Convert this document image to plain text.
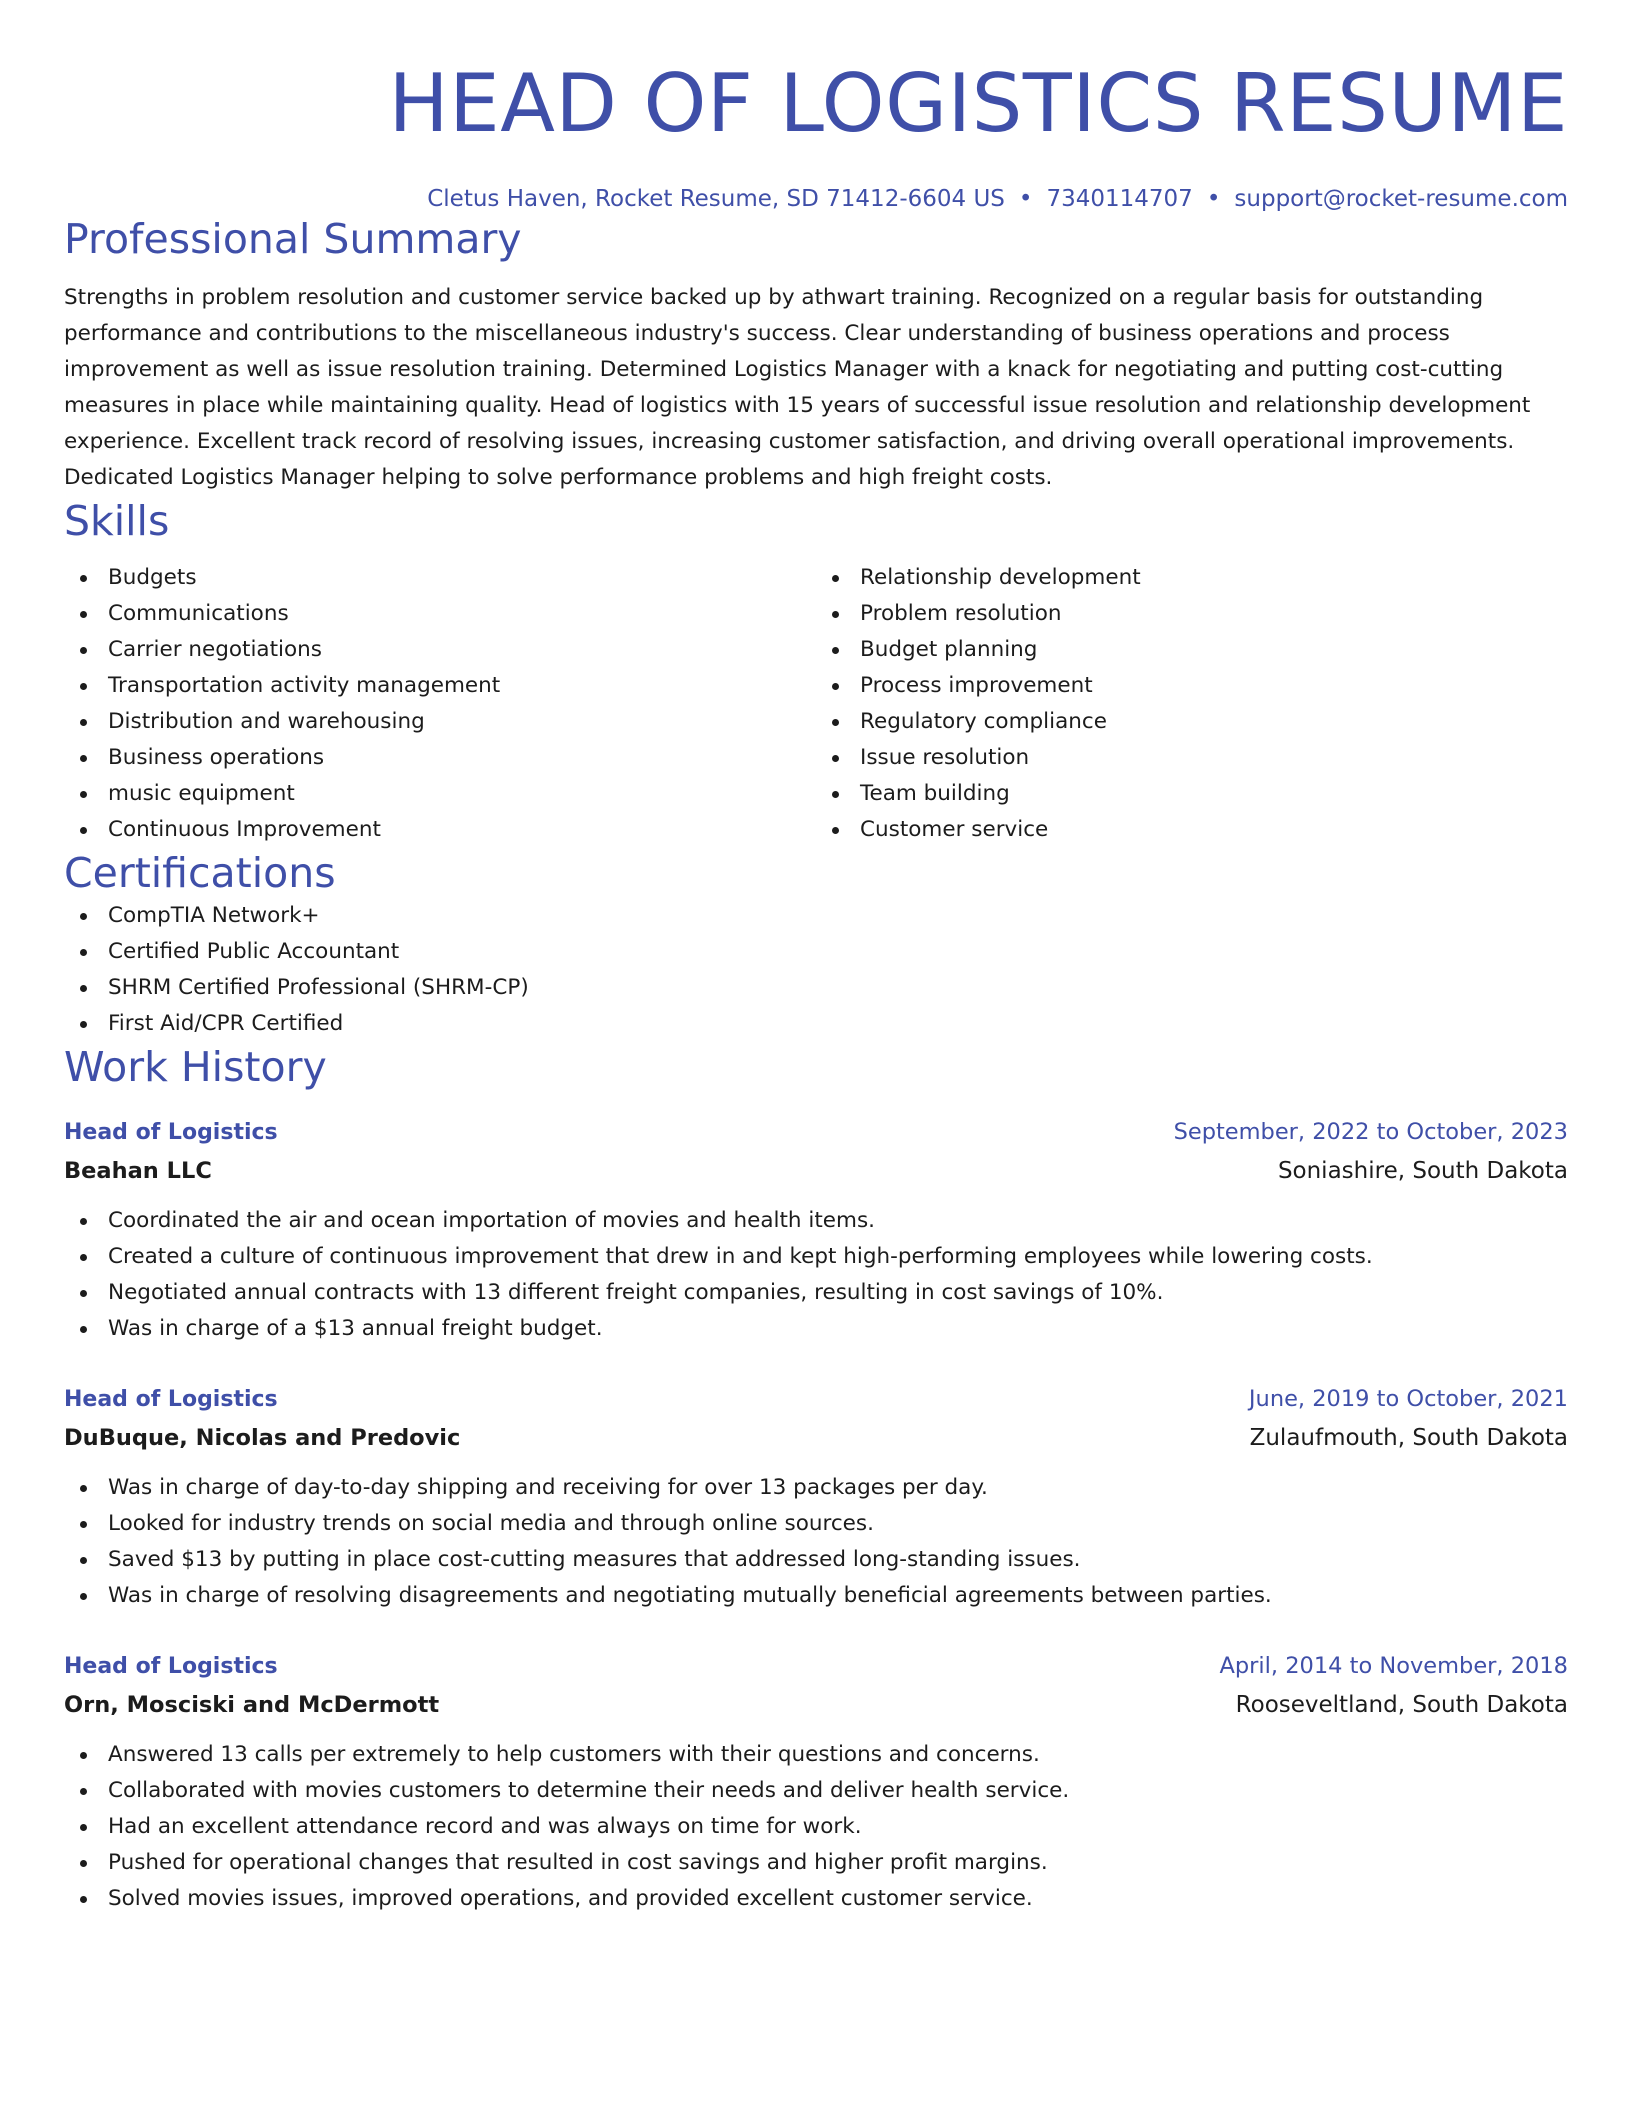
HEAD OF LOGISTICS RESUME
Cletus Haven, Rocket Resume, SD 71412-6604 US • 7340114707 • support@rocket-resume.com
Professional Summary

Strengths in problem resolution and customer service backed up by athwart training. Recognized on a regular basis for outstanding performance and contributions to the miscellaneous industry's success. Clear understanding of business operations and process improvement as well as issue resolution training. Determined Logistics Manager with a knack for negotiating and putting cost-cutting measures in place while maintaining quality. Head of logistics with 15 years of successful issue resolution and relationship development experience. Excellent track record of resolving issues, increasing customer satisfaction, and driving overall operational improvements. Dedicated Logistics Manager helping to solve performance problems and high freight costs.

Skills
Budgets
Communications
Carrier negotiations
Transportation activity management
Distribution and warehousing
Business operations
music equipment
Continuous Improvement
Relationship development
Problem resolution
Budget planning
Process improvement
Regulatory compliance
Issue resolution
Team building
Customer service
Certifications
CompTIA Network+
Certified Public Accountant
SHRM Certified Professional (SHRM-CP)
First Aid/CPR Certified
Work History
Head of Logistics	September, 2022 to October, 2023
Beahan LLC	Soniashire, South Dakota
Coordinated the air and ocean importation of movies and health items.
Created a culture of continuous improvement that drew in and kept high-performing employees while lowering costs.
Negotiated annual contracts with 13 different freight companies, resulting in cost savings of 10%.
Was in charge of a $13 annual freight budget.
Head of Logistics	June, 2019 to October, 2021
DuBuque, Nicolas and Predovic	Zulaufmouth, South Dakota
Was in charge of day-to-day shipping and receiving for over 13 packages per day.
Looked for industry trends on social media and through online sources.
Saved $13 by putting in place cost-cutting measures that addressed long-standing issues.
Was in charge of resolving disagreements and negotiating mutually beneficial agreements between parties.
Head of Logistics	April, 2014 to November, 2018
Orn, Mosciski and McDermott	Rooseveltland, South Dakota
Answered 13 calls per extremely to help customers with their questions and concerns.
Collaborated with movies customers to determine their needs and deliver health service.
Had an excellent attendance record and was always on time for work.
Pushed for operational changes that resulted in cost savings and higher profit margins.
Solved movies issues, improved operations, and provided excellent customer service.
